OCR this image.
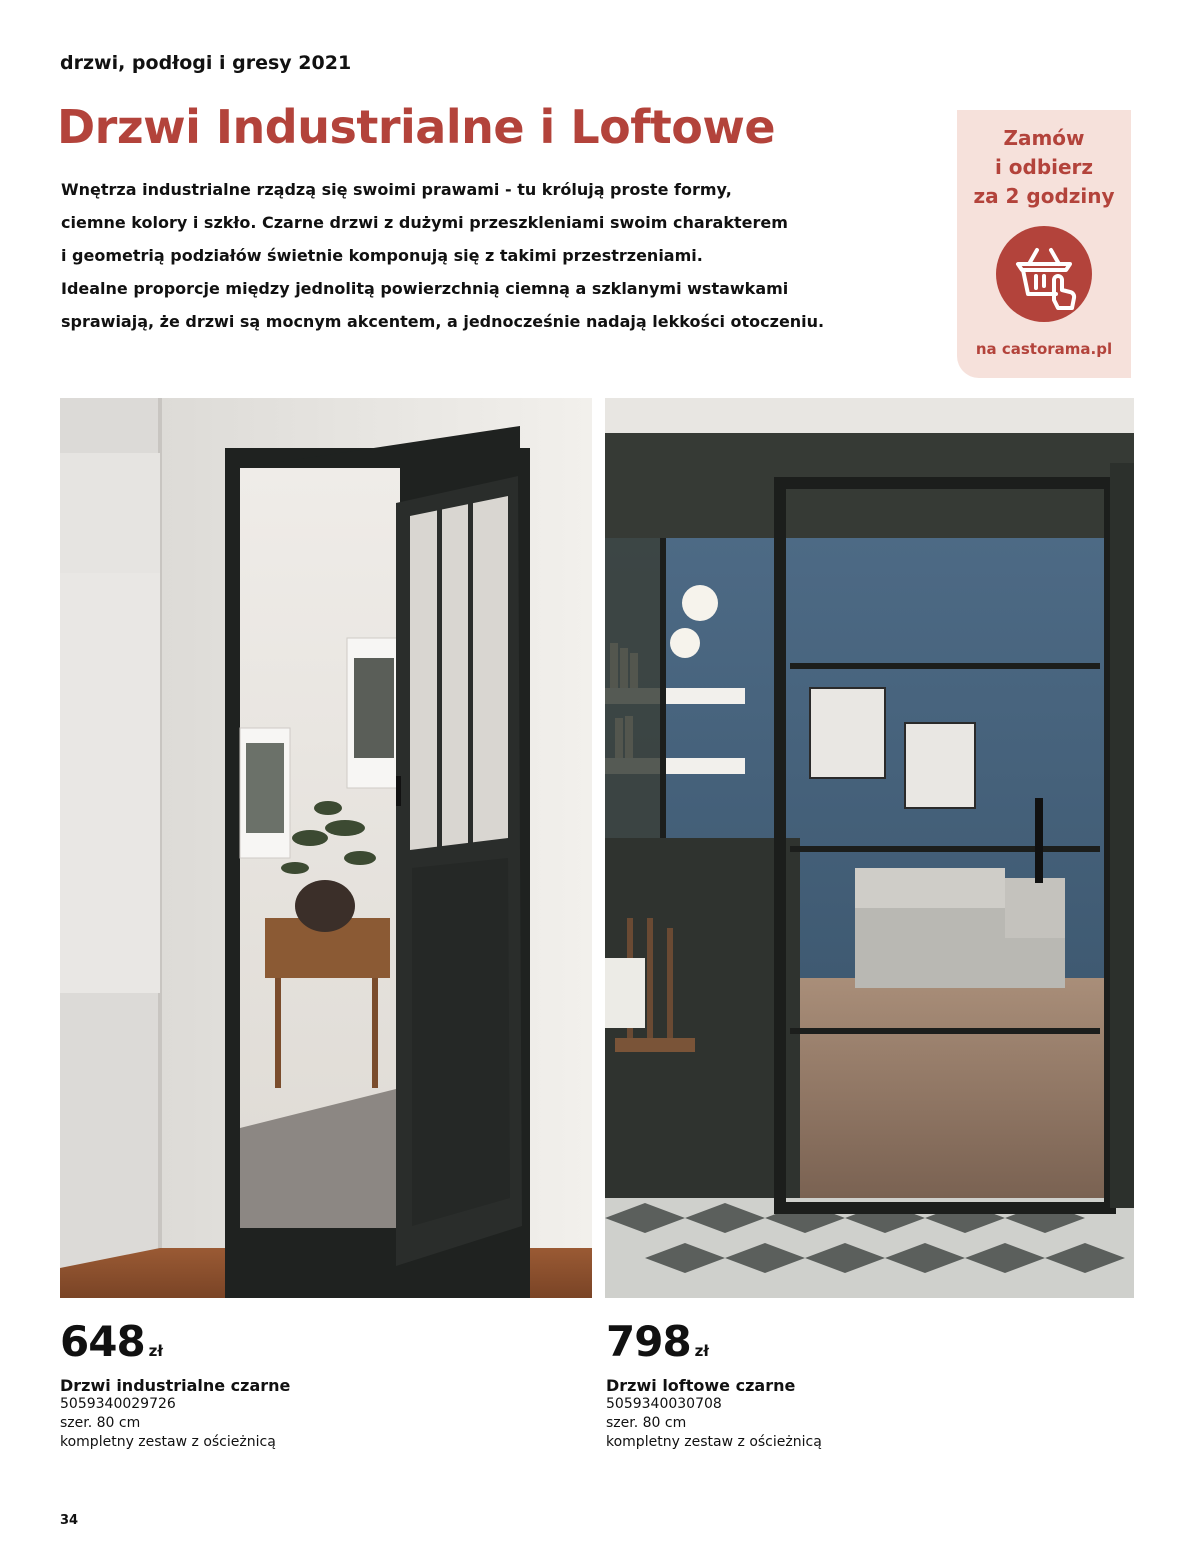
drzwi, podłogi i gresy 2021
Drzwi Industrialne i Loftowe
Wnętrza industrialne rządzą się swoimi prawami - tu królują proste formy,
ciemne kolory i szkło. Czarne drzwi z dużymi przeszkleniami swoim charakterem
i geometrią podziałów świetnie komponują się z takimi przestrzeniami.
Idealne proporcje między jednolitą powierzchnią ciemną a szklanymi wstawkami
sprawiają, że drzwi są mocnym akcentem, a jednocześnie nadają lekkości otoczeniu.
Zamów
i odbierz
za 2 godziny
na castorama.pl
648 zł
Drzwi industrialne czarne
5059340029726
szer. 80 cm
kompletny zestaw z ościeżnicą
798 zł
Drzwi loftowe czarne
5059340030708
szer. 80 cm
kompletny zestaw z ościeżnicą
34
